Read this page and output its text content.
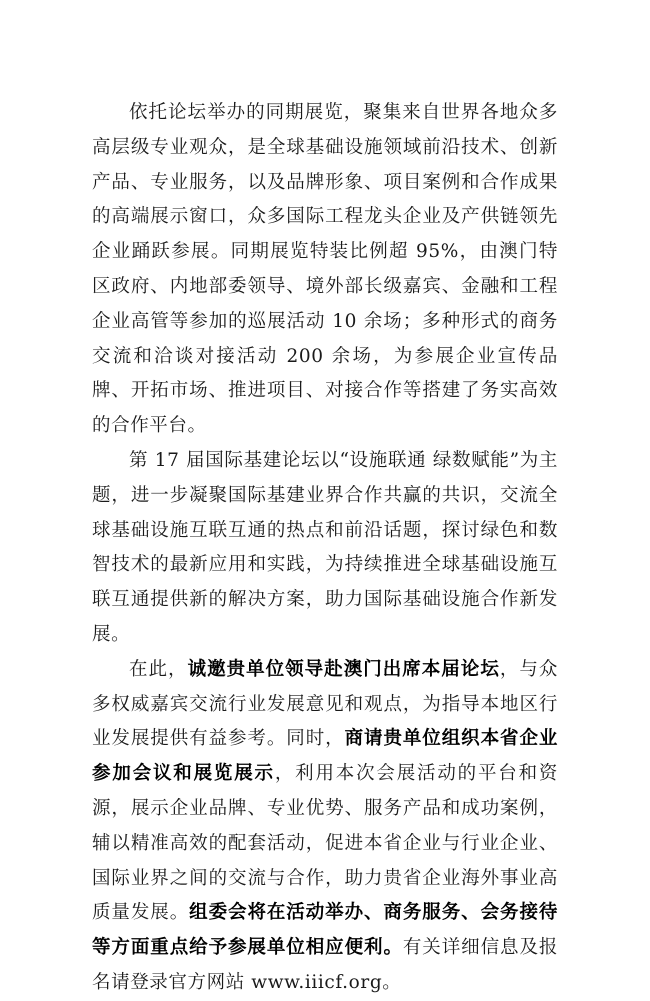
依托论坛举办的同期展览，聚集来自世界各地众多高层级专业观众，是全球基础设施领域前沿技术、创新产品、专业服务，以及品牌形象、项目案例和合作成果的高端展示窗口，众多国际工程龙头企业及产供链领先企业踊跃参展。同期展览特装比例超 95%，由澳门特区政府、内地部委领导、境外部长级嘉宾、金融和工程企业高管等参加的巡展活动 10 余场；多种形式的商务交流和洽谈对接活动 200 余场，为参展企业宣传品牌、开拓市场、推进项目、对接合作等搭建了务实高效的合作平台。

第 17 届国际基建论坛以“设施联通 绿数赋能”为主题，进一步凝聚国际基建业界合作共赢的共识，交流全球基础设施互联互通的热点和前沿话题，探讨绿色和数智技术的最新应用和实践，为持续推进全球基础设施互联互通提供新的解决方案，助力国际基础设施合作新发展。

在此，诚邀贵单位领导赴澳门出席本届论坛，与众多权威嘉宾交流行业发展意见和观点，为指导本地区行业发展提供有益参考。同时，商请贵单位组织本省企业参加会议和展览展示，利用本次会展活动的平台和资源，展示企业品牌、专业优势、服务产品和成功案例，辅以精准高效的配套活动，促进本省企业与行业企业、国际业界之间的交流与合作，助力贵省企业海外事业高质量发展。组委会将在活动举办、商务服务、会务接待等方面重点给予参展单位相应便利。有关详细信息及报名请登录官方网站 www.iiicf.org。
